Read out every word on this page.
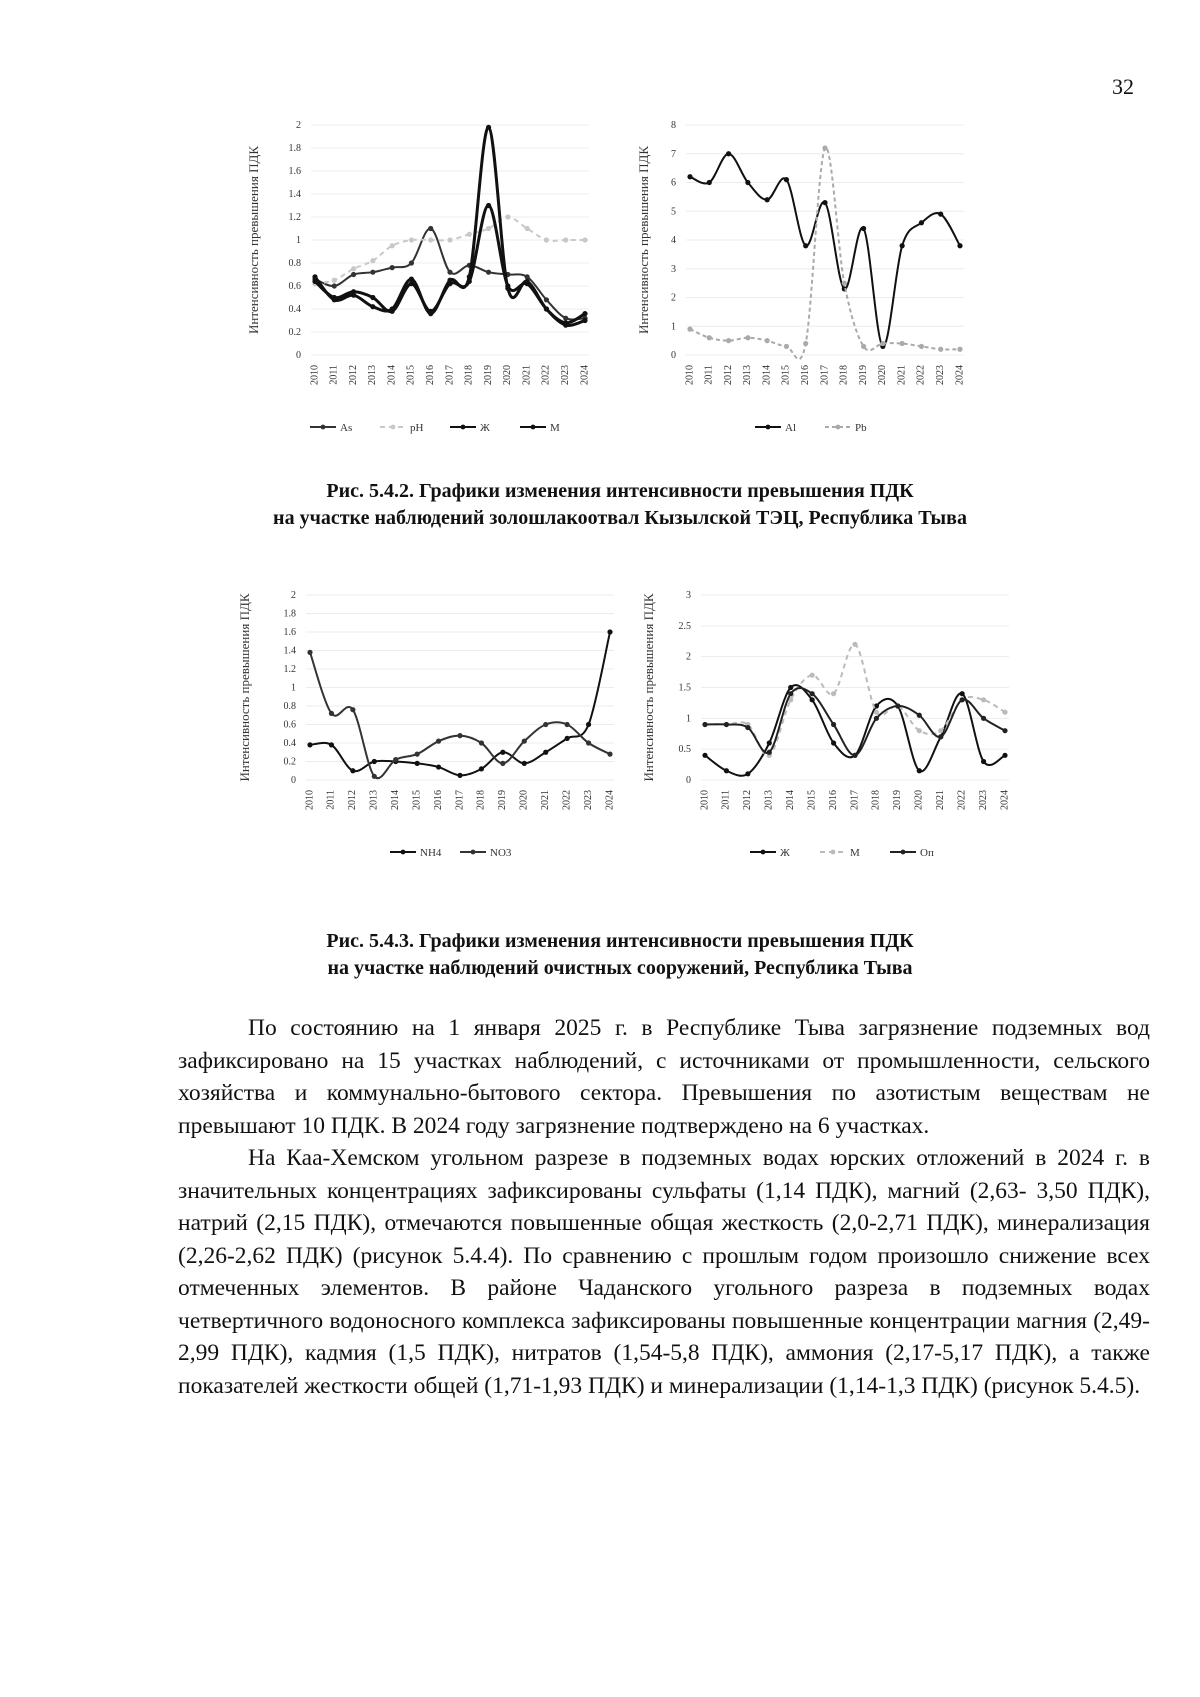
32
0
0.2
0.4
0.6
0.8
1
1.2
1.4
1.6
1.8
2
2010 2011 2012 2013 2014 2015 2016 2017 2018 2019 2020 2021 2022 2023 2024
Интенсивность превышения ПДК
As	pH	Ж	М
0
1
2
3
4
5
6
7
8
2010 2011 2012 2013 2014 2015 2016 2017 2018 2019 2020 2021 2022 2023 2024
Интенсивность превышения ПДК
Al	Pb
Рис. 5.4.2. Графики изменения интенсивности превышения ПДК
на участке наблюдений золошлакоотвал Кызылской ТЭЦ, Республика Тыва
0
0.2
0.4
0.6
0.8
1
1.2
1.4
1.6
1.8
2
2010 2011 2012 2013 2014 2015 2016 2017 2018 2019 2020 2021 2022 2023 2024
Интенсивность превышения ПДК
NH4	NO3
0
0.5
1
1.5
2
2.5
3
2010 2011 2012 2013 2014 2015 2016 2017 2018 2019 2020 2021 2022 2023 2024
Интенсивность превышения ПДК
Ж	М	Оп
Рис. 5.4.3. Графики изменения интенсивности превышения ПДК
на участке наблюдений очистных сооружений, Республика Тыва

По состоянию на 1 января 2025 г. в Республике Тыва загрязнение подземных вод зафиксировано на 15 участках наблюдений, с источниками от промышленности, сельского хозяйства и коммунально-бытового сектора. Превышения по азотистым веществам не превышают 10 ПДК. В 2024 году загрязнение подтверждено на 6 участках.

На Каа-Хемском угольном разрезе в подземных водах юрских отложений в 2024 г. в значительных концентрациях зафиксированы сульфаты (1,14 ПДК), магний (2,63- 3,50 ПДК), натрий (2,15 ПДК), отмечаются повышенные общая жесткость (2,0-2,71 ПДК), минерализация (2,26-2,62 ПДК) (рисунок 5.4.4). По сравнению с прошлым годом произошло снижение всех отмеченных элементов. В районе Чаданского угольного разреза в подземных водах четвертичного водоносного комплекса зафиксированы повышенные концентрации магния (2,49-2,99 ПДК), кадмия (1,5 ПДК), нитратов (1,54-5,8 ПДК), аммония (2,17-5,17 ПДК), а также показателей жесткости общей (1,71-1,93 ПДК) и минерализации (1,14-1,3 ПДК) (рисунок 5.4.5).
